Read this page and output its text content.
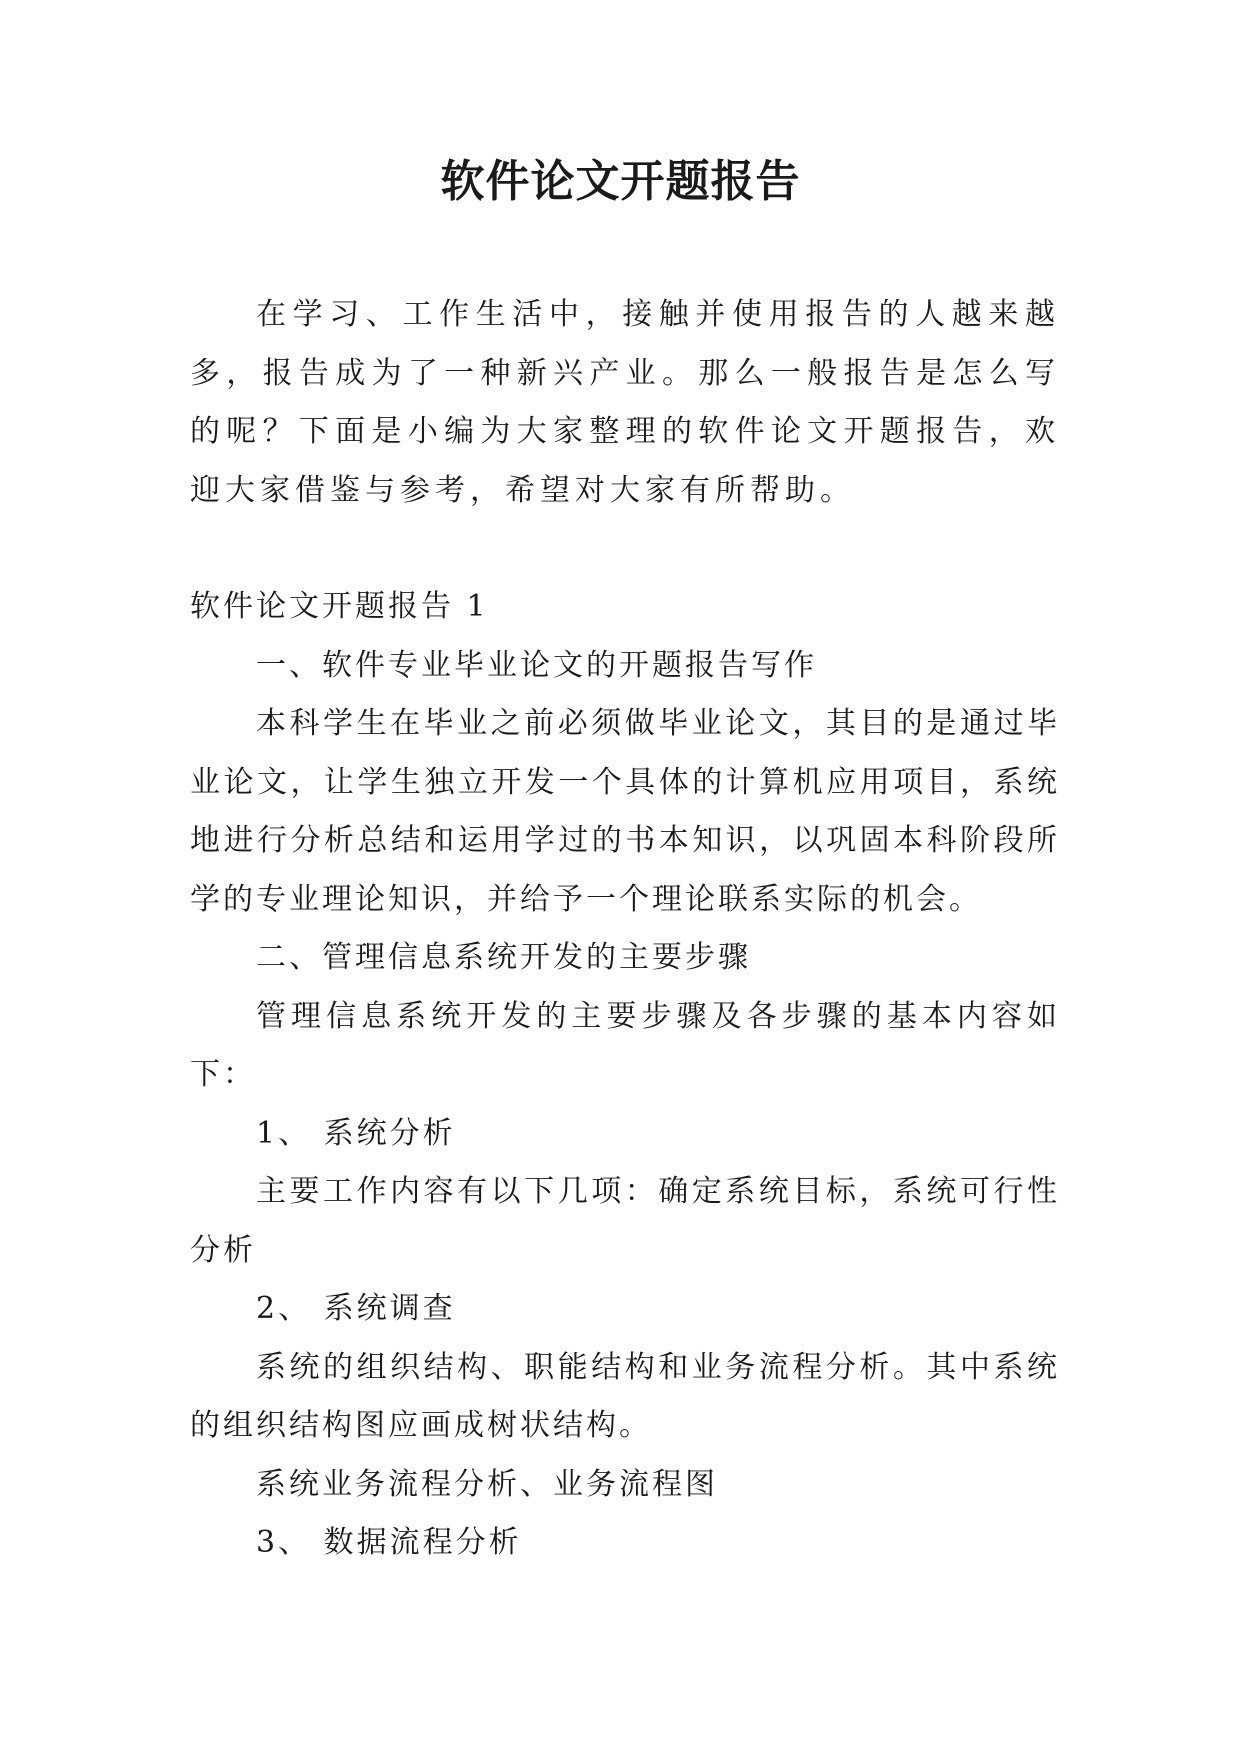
软件论文开题报告

在学习、工作生活中，接触并使用报告的人越来越多，报告成为了一种新兴产业。那么一般报告是怎么写的呢？下面是小编为大家整理的软件论文开题报告，欢迎大家借鉴与参考，希望对大家有所帮助。

软件论文开题报告 1

一、软件专业毕业论文的开题报告写作

本科学生在毕业之前必须做毕业论文，其目的是通过毕业论文，让学生独立开发一个具体的计算机应用项目，系统地进行分析总结和运用学过的书本知识，以巩固本科阶段所学的专业理论知识，并给予一个理论联系实际的机会。

二、管理信息系统开发的主要步骤

管理信息系统开发的主要步骤及各步骤的基本内容如下：

1、 系统分析

主要工作内容有以下几项：确定系统目标，系统可行性分析

2、 系统调查

系统的组织结构、职能结构和业务流程分析。其中系统的组织结构图应画成树状结构。

系统业务流程分析、业务流程图

3、 数据流程分析
